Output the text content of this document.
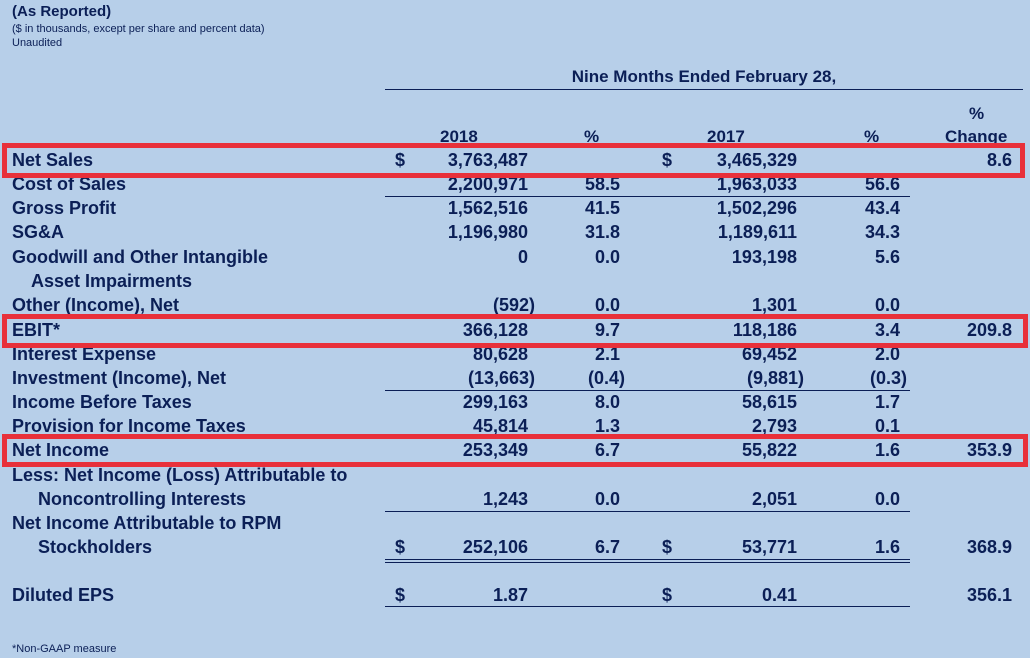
(As Reported)
($ in thousands, except per share and percent data)
Unaudited
Nine Months Ended February 28,
2018	%	2017	%
%
Change
Net Sales	$ 3,763,487	$ 3,465,329	8.6
Cost of Sales	2,200,971	58.5	1,963,033	56.6
Gross Profit	1,562,516	41.5	1,502,296	43.4
SG&A	1,196,980	31.8	1,189,611	34.3
Goodwill and Other Intangible
Asset Impairments
0	0.0	193,198	5.6
Other (Income), Net	(592)	0.0	1,301	0.0
EBIT*	366,128	9.7	118,186	3.4	209.8
Interest Expense	80,628	2.1	69,452	2.0
Investment (Income), Net	(13,663)	(0.4)	(9,881)	(0.3)
Income Before Taxes	299,163	8.0	58,615	1.7
Provision for Income Taxes	45,814	1.3	2,793	0.1
Net Income	253,349	6.7	55,822	1.6	353.9
Less: Net Income (Loss) Attributable to
Noncontrolling Interests	1,243	0.0	2,051	0.0
Net Income Attributable to RPM
Stockholders	$	252,106	6.7 $	53,771	1.6	368.9
Diluted EPS	$	1.87	$	0.41	356.1
*Non-GAAP measure
